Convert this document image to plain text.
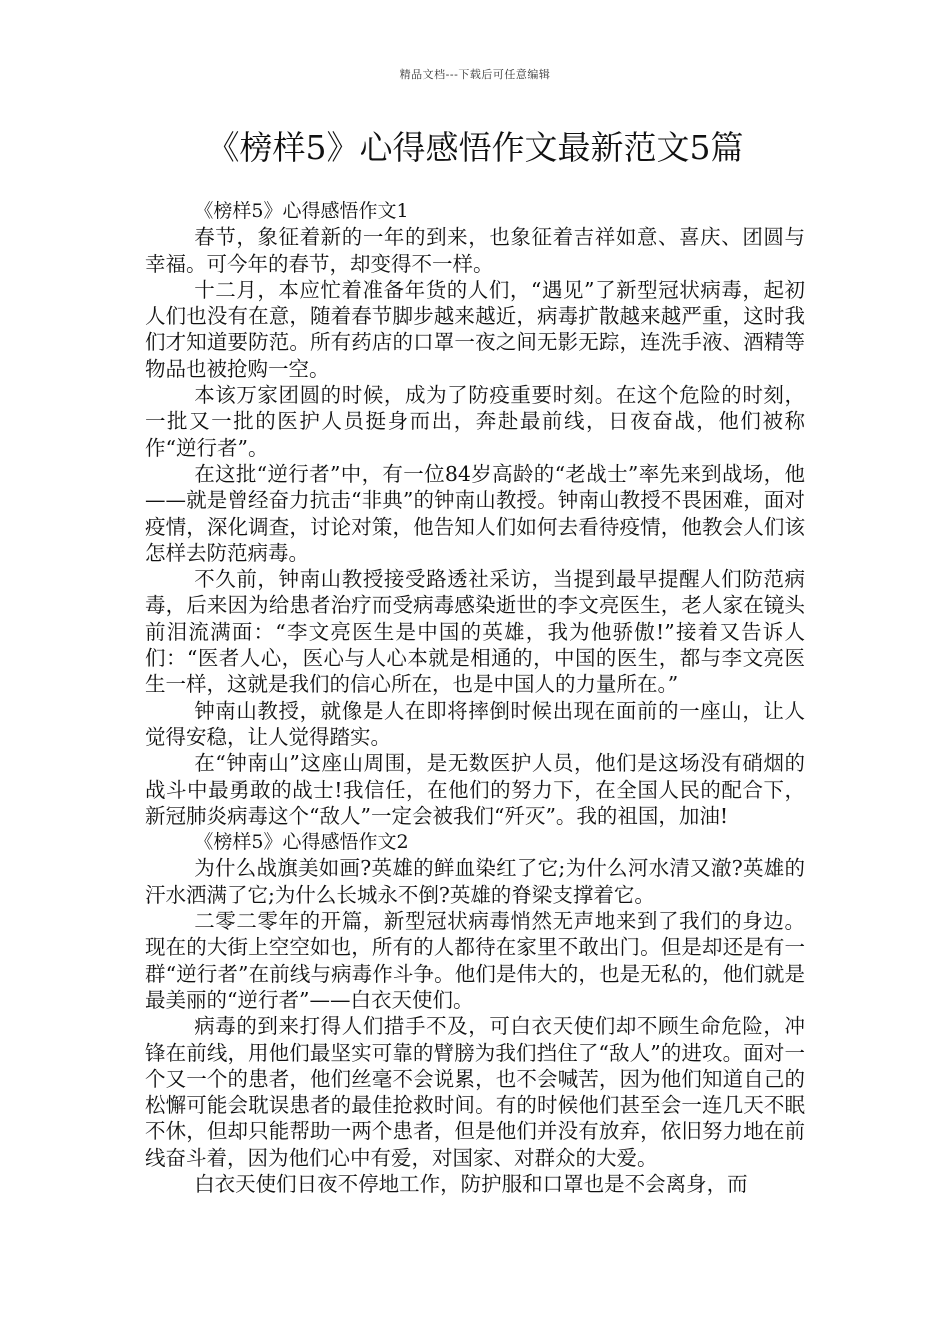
精品文档---下载后可任意编辑
《榜样5》心得感悟作文最新范文5篇

《榜样5》心得感悟作文1

春节，象征着新的一年的到来，也象征着吉祥如意、喜庆、团圆与幸福。可今年的春节，却变得不一样。

十二月，本应忙着准备年货的人们，“遇见”了新型冠状病毒，起初人们也没有在意，随着春节脚步越来越近，病毒扩散越来越严重，这时我们才知道要防范。所有药店的口罩一夜之间无影无踪，连洗手液、酒精等物品也被抢购一空。

本该万家团圆的时候，成为了防疫重要时刻。在这个危险的时刻，一批又一批的医护人员挺身而出，奔赴最前线，日夜奋战，他们被称作“逆行者”。

在这批“逆行者”中，有一位84岁高龄的“老战士”率先来到战场，他——就是曾经奋力抗击“非典”的钟南山教授。钟南山教授不畏困难，面对疫情，深化调查，讨论对策，他告知人们如何去看待疫情，他教会人们该怎样去防范病毒。

不久前，钟南山教授接受路透社采访，当提到最早提醒人们防范病毒，后来因为给患者治疗而受病毒感染逝世的李文亮医生，老人家在镜头前泪流满面：“李文亮医生是中国的英雄，我为他骄傲!”接着又告诉人们：“医者人心，医心与人心本就是相通的，中国的医生，都与李文亮医生一样，这就是我们的信心所在，也是中国人的力量所在。”

钟南山教授，就像是人在即将摔倒时候出现在面前的一座山，让人觉得安稳，让人觉得踏实。

在“钟南山”这座山周围，是无数医护人员，他们是这场没有硝烟的战斗中最勇敢的战士!我信任，在他们的努力下，在全国人民的配合下，新冠肺炎病毒这个“敌人”一定会被我们“歼灭”。我的祖国，加油!

《榜样5》心得感悟作文2

为什么战旗美如画?英雄的鲜血染红了它;为什么河水清又澈?英雄的汗水洒满了它;为什么长城永不倒?英雄的脊梁支撑着它。

二零二零年的开篇，新型冠状病毒悄然无声地来到了我们的身边。现在的大街上空空如也，所有的人都待在家里不敢出门。但是却还是有一群“逆行者”在前线与病毒作斗争。他们是伟大的，也是无私的，他们就是最美丽的“逆行者”——白衣天使们。

病毒的到来打得人们措手不及，可白衣天使们却不顾生命危险，冲锋在前线，用他们最坚实可靠的臂膀为我们挡住了“敌人”的进攻。面对一个又一个的患者，他们丝毫不会说累，也不会喊苦，因为他们知道自己的松懈可能会耽误患者的最佳抢救时间。有的时候他们甚至会一连几天不眠不休，但却只能帮助一两个患者，但是他们并没有放弃，依旧努力地在前线奋斗着，因为他们心中有爱，对国家、对群众的大爱。

白衣天使们日夜不停地工作，防护服和口罩也是不会离身，而
